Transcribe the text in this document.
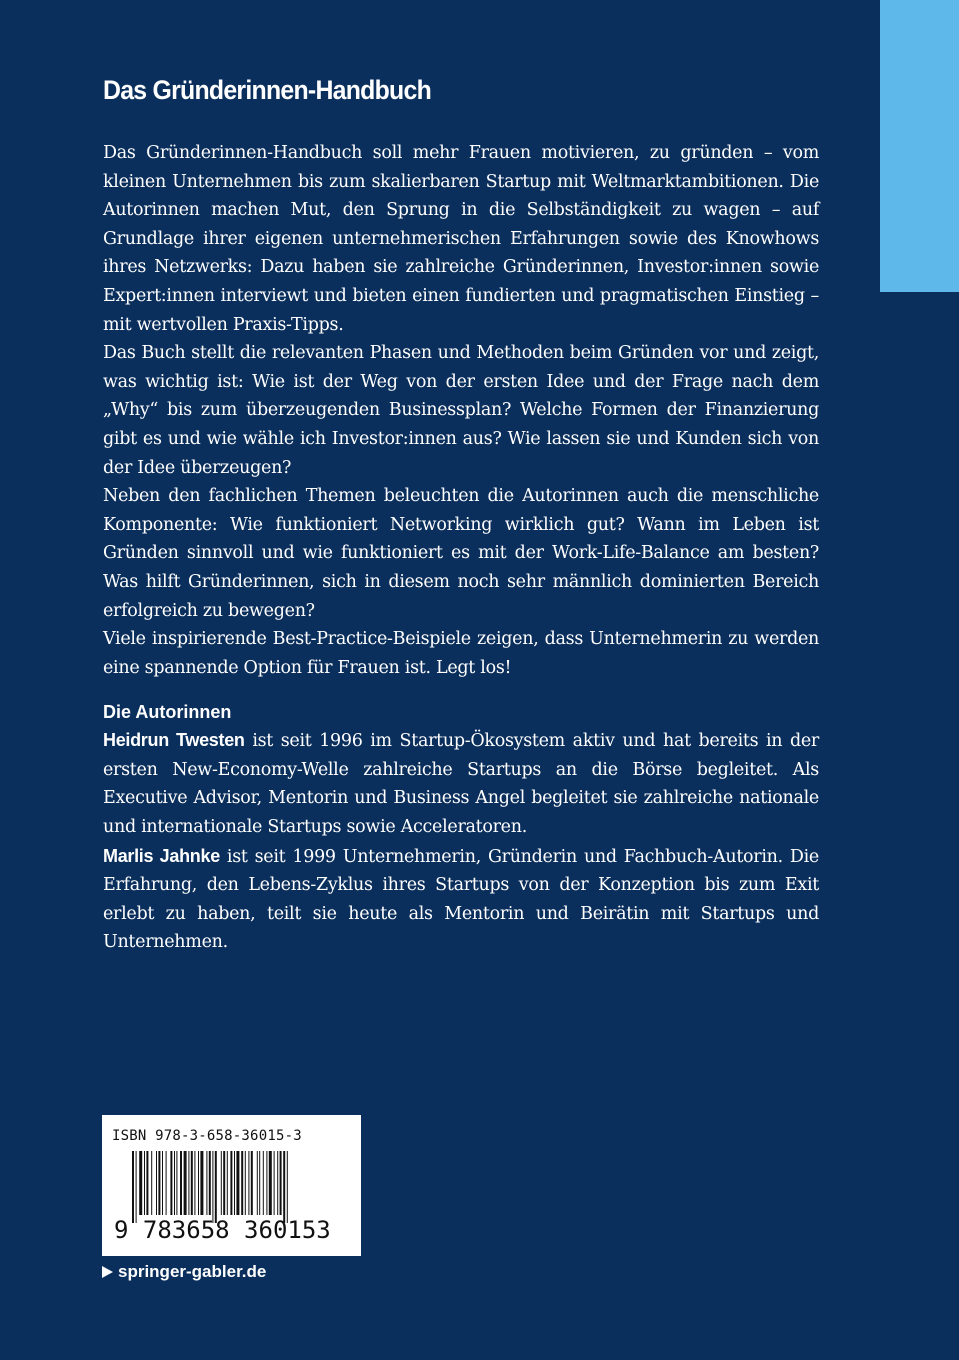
Das Gründerinnen-Handbuch

Das Gründerinnen-Handbuch soll mehr Frauen motivieren, zu gründen – vom kleinen Unternehmen bis zum skalierbaren Startup mit Weltmarktambitionen. Die Autorinnen machen Mut, den Sprung in die Selbständigkeit zu wagen – auf Grundlage ihrer eigenen unternehmerischen Erfahrungen sowie des Knowhows ihres Netzwerks: Dazu haben sie zahlreiche Gründerinnen, Investor:innen sowie Expert:innen interviewt und bieten einen fundierten und pragmatischen Einstieg – mit wertvollen Praxis-Tipps.

Das Buch stellt die relevanten Phasen und Methoden beim Gründen vor und zeigt, was wichtig ist: Wie ist der Weg von der ersten Idee und der Frage nach dem „Why“ bis zum überzeugenden Businessplan? Welche Formen der Finanzierung gibt es und wie wähle ich Investor:innen aus? Wie lassen sie und Kunden sich von der Idee überzeugen?

Neben den fachlichen Themen beleuchten die Autorinnen auch die menschliche Komponente: Wie funktioniert Networking wirklich gut? Wann im Leben ist Gründen sinnvoll und wie funktioniert es mit der Work-Life-Balance am besten? Was hilft Gründerinnen, sich in diesem noch sehr männlich dominierten Bereich erfolgreich zu bewegen?

Viele inspirierende Best-Practice-Beispiele zeigen, dass Unternehmerin zu werden eine spannende Option für Frauen ist. Legt los!

Die Autorinnen

Heidrun Twesten ist seit 1996 im Startup-Ökosystem aktiv und hat bereits in der ersten New-Economy-Welle zahlreiche Startups an die Börse begleitet. Als Executive Advisor, Mentorin und Business Angel begleitet sie zahlreiche nationale und internationale Startups sowie Acceleratoren.

Marlis Jahnke ist seit 1999 Unternehmerin, Gründerin und Fachbuch-Autorin. Die Erfahrung, den Lebens-Zyklus ihres Startups von der Konzeption bis zum Exit erlebt zu haben, teilt sie heute als Mentorin und Beirätin mit Startups und Unternehmen.

ISBN 978-3-658-36015-3
9 783658 360153
springer-gabler.de
